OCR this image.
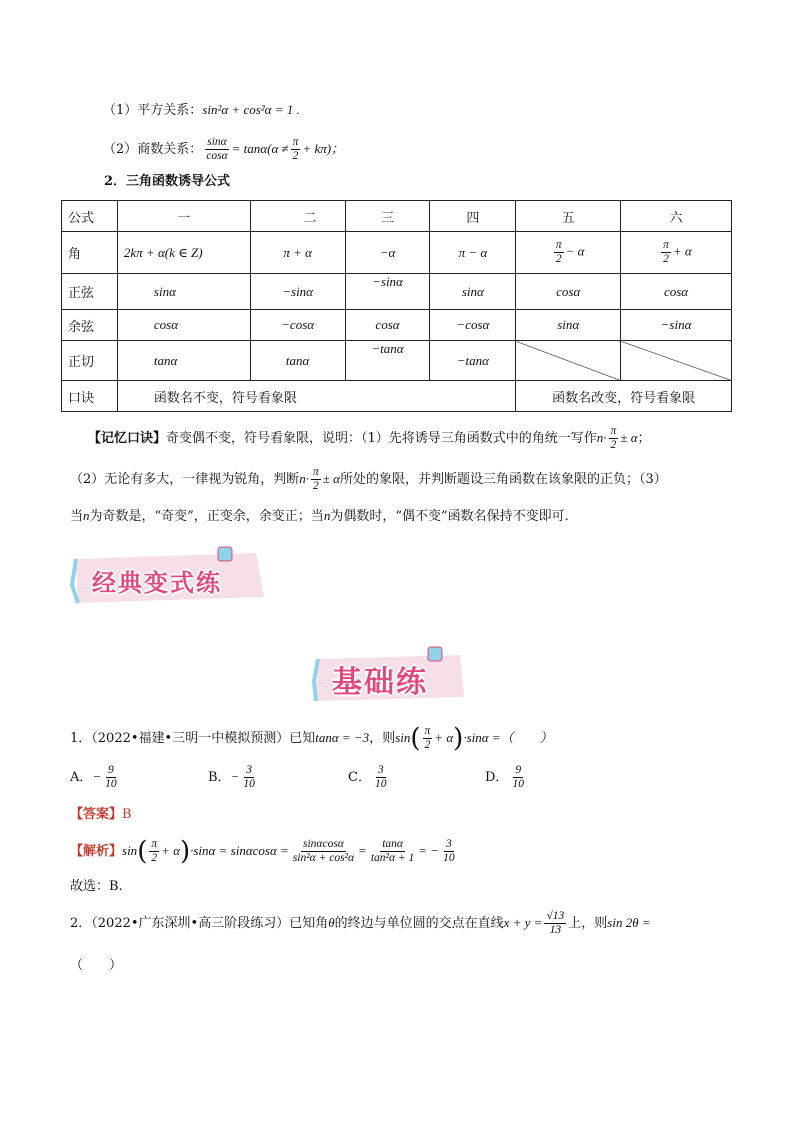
（1）平方关系：sin²α + cos²α = 1 .
（2）商数关系： $\frac{\sin\alpha}{\cos\alpha} = \tan\alpha(\alpha \ne \frac{\pi}{2} + k\pi)$；
2．三角函数诱导公式
公式	一	二	三	四	五	六
角	2kπ + α(k ∈ Z)	π + α	−α	π − α	$\frac{\pi}{2} - \alpha$	$\frac{\pi}{2} + \alpha$
正弦	sinα	−sinα	−sinα	sinα	cosα	cosα
余弦	cosα	−cosα	cosα	−cosα	sinα	−sinα
正切	tanα	tanα	−tanα	−tanα		
口诀	函数名不变，符号看象限				函数名改变，符号看象限	
【记忆口诀】奇变偶不变，符号看象限，说明：（1）先将诱导三角函数式中的角统一写作$n\cdot \frac{\pi}{2} \pm \alpha$；
（2）无论有多大，一律视为锐角，判断$n\cdot \frac{\pi}{2} \pm \alpha$所处的象限，并判断题设三角函数在该象限的正负；（3）
当n为奇数是，“奇变”，正变余，余变正；当n为偶数时，“偶不变”函数名保持不变即可．
经典变式练
基础练
1．（2022•福建•三明一中模拟预测）已知tanα = −3，则$\sin( \frac{\pi}{2} + \alpha)\cdot\sin\alpha$ =（　　）
A．− $\frac{9}{10}$	B．− $\frac{3}{10}$	C． $\frac{3}{10}$	D． $\frac{9}{10}$
【答案】B
【解析】$\sin( \frac{\pi}{2} + \alpha)\cdot\sin\alpha = \sin\alpha\cos\alpha = \frac{\sin\alpha\cos\alpha}{\text{sin²α + cos²α}} = \frac{\tan\alpha}{\text{tan²α + 1}}$ = − $\frac{3}{10}$
故选：B.
2．（2022•广东深圳•高三阶段练习）已知角θ的终边与单位圆的交点在直线$x + y = \frac{√13}{13}$ 上，则sin 2θ =
（　　）
